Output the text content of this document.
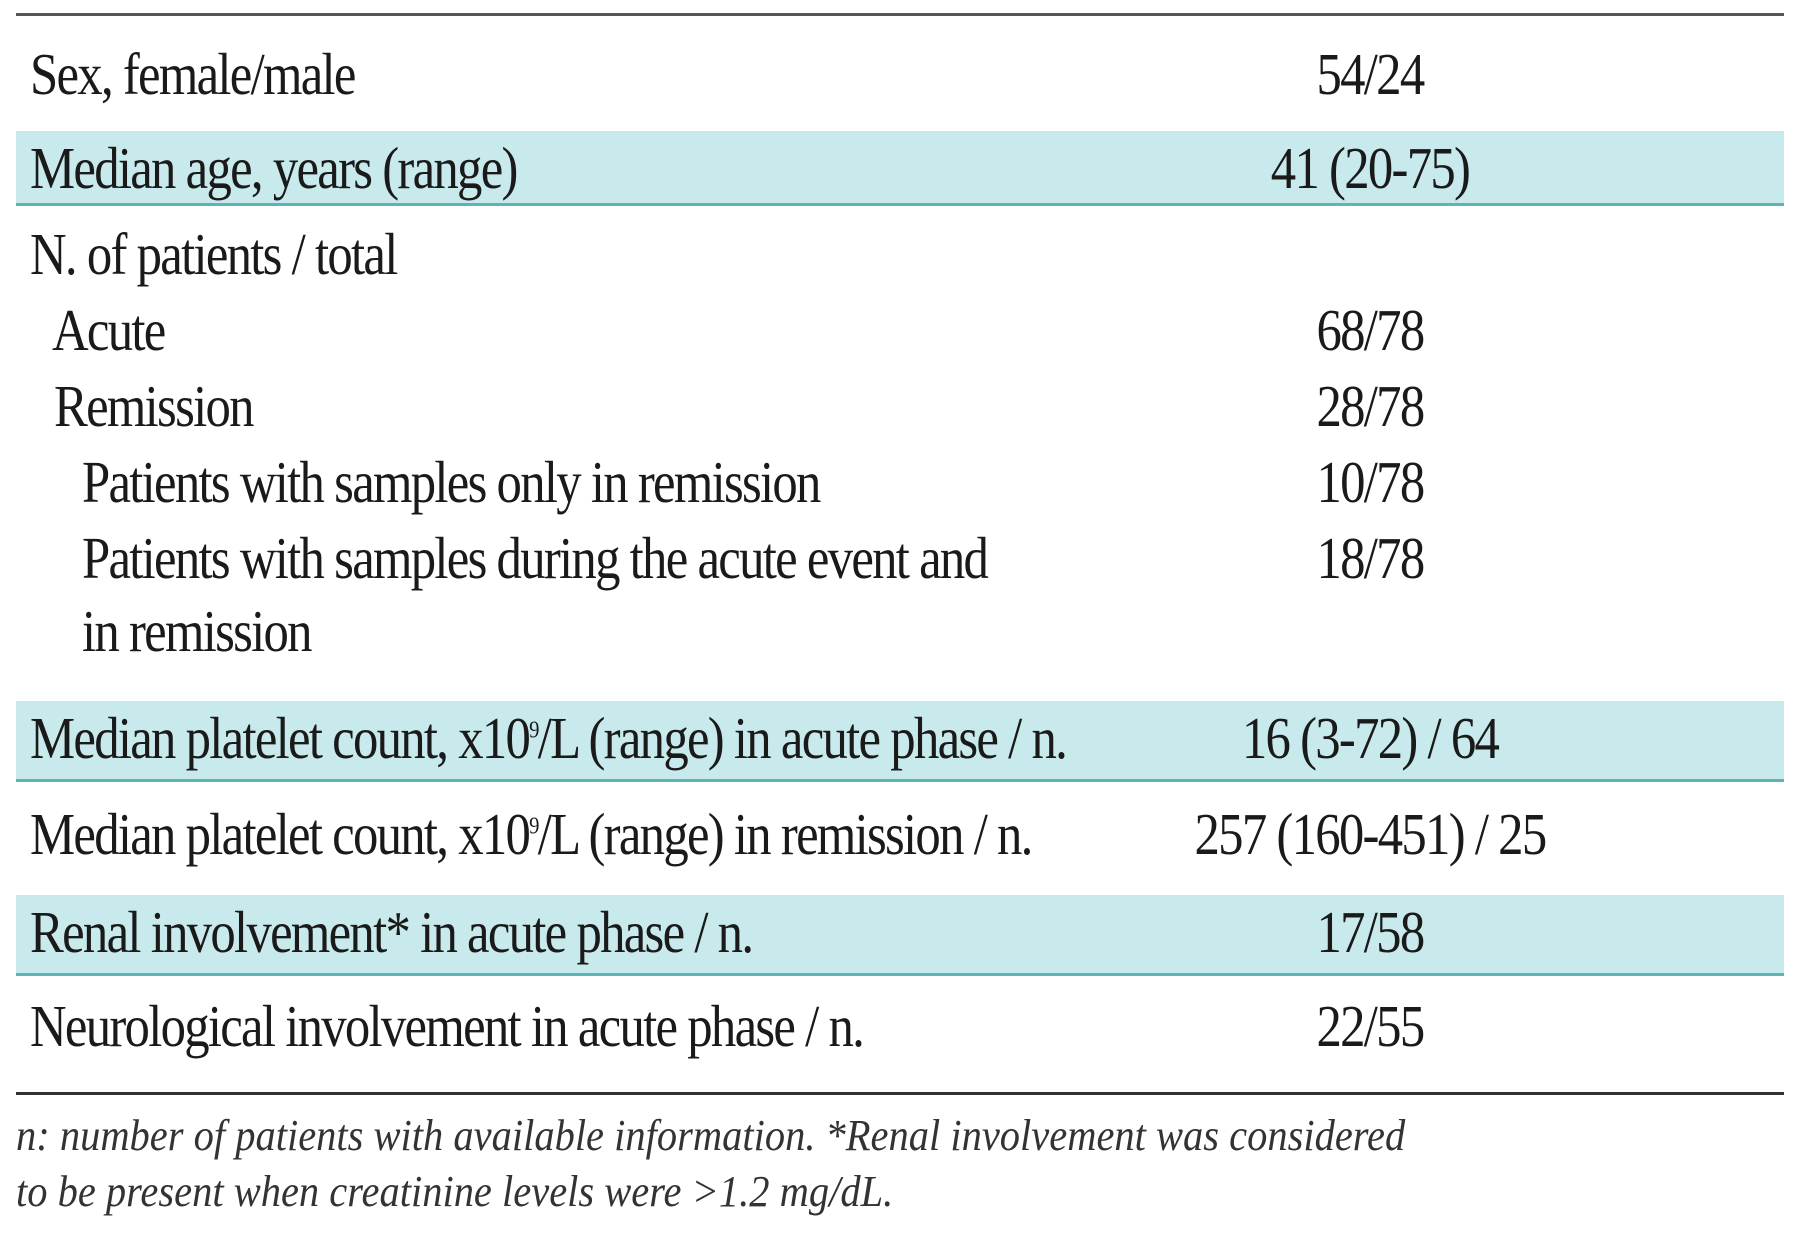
Sex, female/male	54/24
Median age, years (range)	41 (20-75)
N. of patients / total
Acute	68/78
Remission	28/78
Patients with samples only in remission	10/78
Patients with samples during the acute event and	18/78
in remission
Median platelet count, $x10^9/L$ (range) in acute phase / n.	16 (3-72) / 64
Median platelet count, $x10^9/L$ (range) in remission / n.	257 (160-451) / 25
Renal involvement* in acute phase / n.	17/58
Neurological involvement in acute phase / n.	22/55
n: number of patients with available information. *Renal involvement was considered
to be present when creatinine levels were >1.2 mg/dL.
